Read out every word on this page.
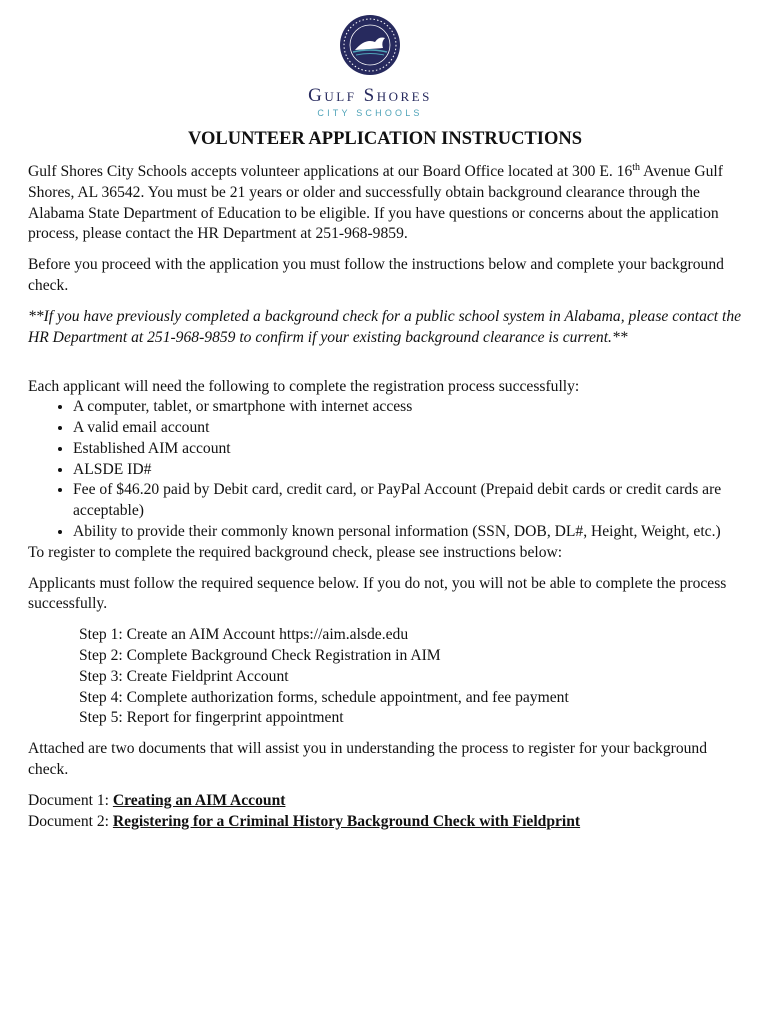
Gulf Shores
CITY SCHOOLS
VOLUNTEER APPLICATION INSTRUCTIONS

Gulf Shores City Schools accepts volunteer applications at our Board Office located at 300 E. 16th Avenue Gulf Shores, AL 36542. You must be 21 years or older and successfully obtain background clearance through the Alabama State Department of Education to be eligible. If you have questions or concerns about the application process, please contact the HR Department at 251-968-9859.

Before you proceed with the application you must follow the instructions below and complete your background check.

**If you have previously completed a background check for a public school system in Alabama, please contact the HR Department at 251-968-9859 to confirm if your existing background clearance is current.**

Each applicant will need the following to complete the registration process successfully:

• A computer, tablet, or smartphone with internet access
• A valid email account
• Established AIM account
• ALSDE ID#
• Fee of $46.20 paid by Debit card, credit card, or PayPal Account (Prepaid debit cards or credit cards are acceptable)
• Ability to provide their commonly known personal information (SSN, DOB, DL#, Height, Weight, etc.)

To register to complete the required background check, please see instructions below:

Applicants must follow the required sequence below. If you do not, you will not be able to complete the process successfully.

Step 1: Create an AIM Account https://aim.alsde.edu
Step 2: Complete Background Check Registration in AIM
Step 3: Create Fieldprint Account
Step 4: Complete authorization forms, schedule appointment, and fee payment
Step 5: Report for fingerprint appointment

Attached are two documents that will assist you in understanding the process to register for your background check.

Document 1: Creating an AIM Account
Document 2: Registering for a Criminal History Background Check with Fieldprint
